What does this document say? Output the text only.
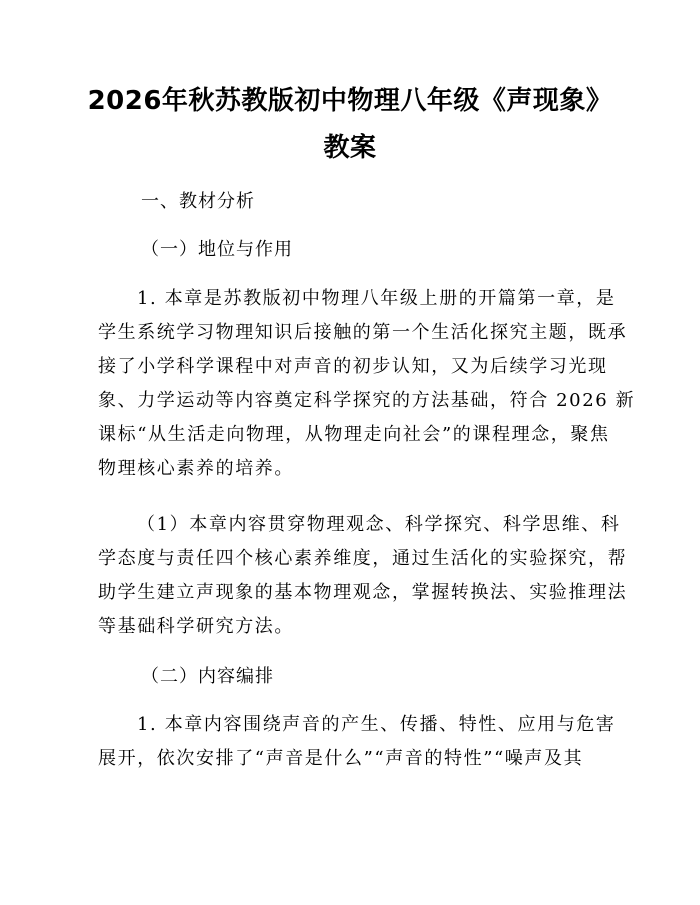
2026年秋苏教版初中物理八年级《声现象》
教案
一、教材分析
（一）地位与作用
1. 本章是苏教版初中物理八年级上册的开篇第一章，是
学生系统学习物理知识后接触的第一个生活化探究主题，既承
接了小学科学课程中对声音的初步认知，又为后续学习光现
象、力学运动等内容奠定科学探究的方法基础，符合 2026 新
课标“从生活走向物理，从物理走向社会”的课程理念，聚焦
物理核心素养的培养。
（1）本章内容贯穿物理观念、科学探究、科学思维、科
学态度与责任四个核心素养维度，通过生活化的实验探究，帮
助学生建立声现象的基本物理观念，掌握转换法、实验推理法
等基础科学研究方法。
（二）内容编排
1. 本章内容围绕声音的产生、传播、特性、应用与危害
展开，依次安排了“声音是什么”“声音的特性”“噪声及其
